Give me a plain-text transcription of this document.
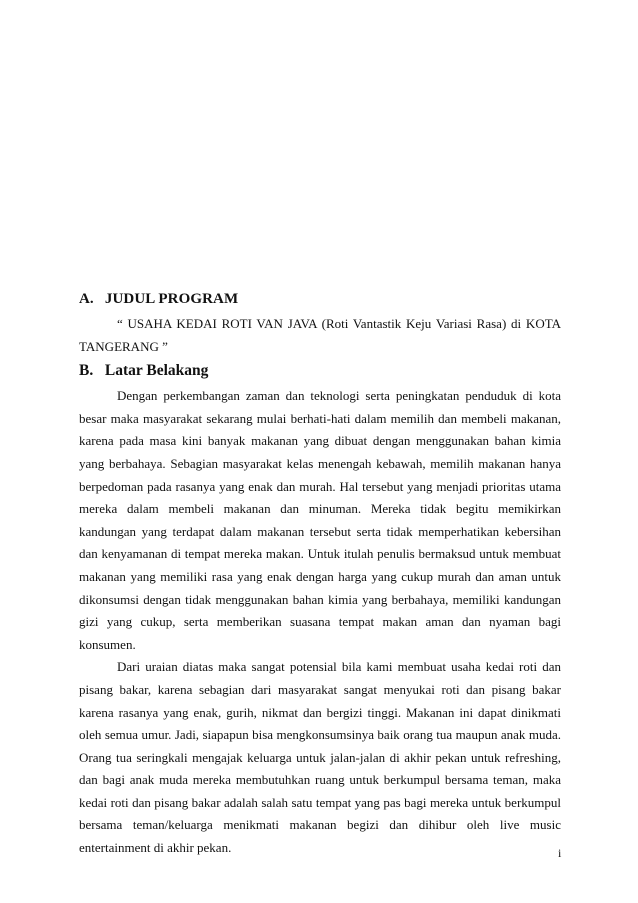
A. JUDUL PROGRAM

“ USAHA KEDAI ROTI VAN JAVA (Roti Vantastik Keju Variasi Rasa) di KOTA TANGERANG ”

B. Latar Belakang

Dengan perkembangan zaman dan teknologi serta peningkatan penduduk di kota besar maka masyarakat sekarang mulai berhati-hati dalam memilih dan membeli makanan, karena pada masa kini banyak makanan yang dibuat dengan menggunakan bahan kimia yang berbahaya. Sebagian masyarakat kelas menengah kebawah, memilih makanan hanya berpedoman pada rasanya yang enak dan murah. Hal tersebut yang menjadi prioritas utama mereka dalam membeli makanan dan minuman. Mereka tidak begitu memikirkan kandungan yang terdapat dalam makanan tersebut serta tidak memperhatikan kebersihan dan kenyamanan di tempat mereka makan. Untuk itulah penulis bermaksud untuk membuat makanan yang memiliki rasa yang enak dengan harga yang cukup murah dan aman untuk dikonsumsi dengan tidak menggunakan bahan kimia yang berbahaya, memiliki kandungan gizi yang cukup, serta memberikan suasana tempat makan aman dan nyaman bagi konsumen.

Dari uraian diatas maka sangat potensial bila kami membuat usaha kedai roti dan pisang bakar, karena sebagian dari masyarakat sangat menyukai roti dan pisang bakar karena rasanya yang enak, gurih, nikmat dan bergizi tinggi. Makanan ini dapat dinikmati oleh semua umur. Jadi, siapapun bisa mengkonsumsinya baik orang tua maupun anak muda. Orang tua seringkali mengajak keluarga untuk jalan-jalan di akhir pekan untuk refreshing, dan bagi anak muda mereka membutuhkan ruang untuk berkumpul bersama teman, maka kedai roti dan pisang bakar adalah salah satu tempat yang pas bagi mereka untuk berkumpul bersama teman/keluarga menikmati makanan begizi dan dihibur oleh live music entertainment di akhir pekan.	i
